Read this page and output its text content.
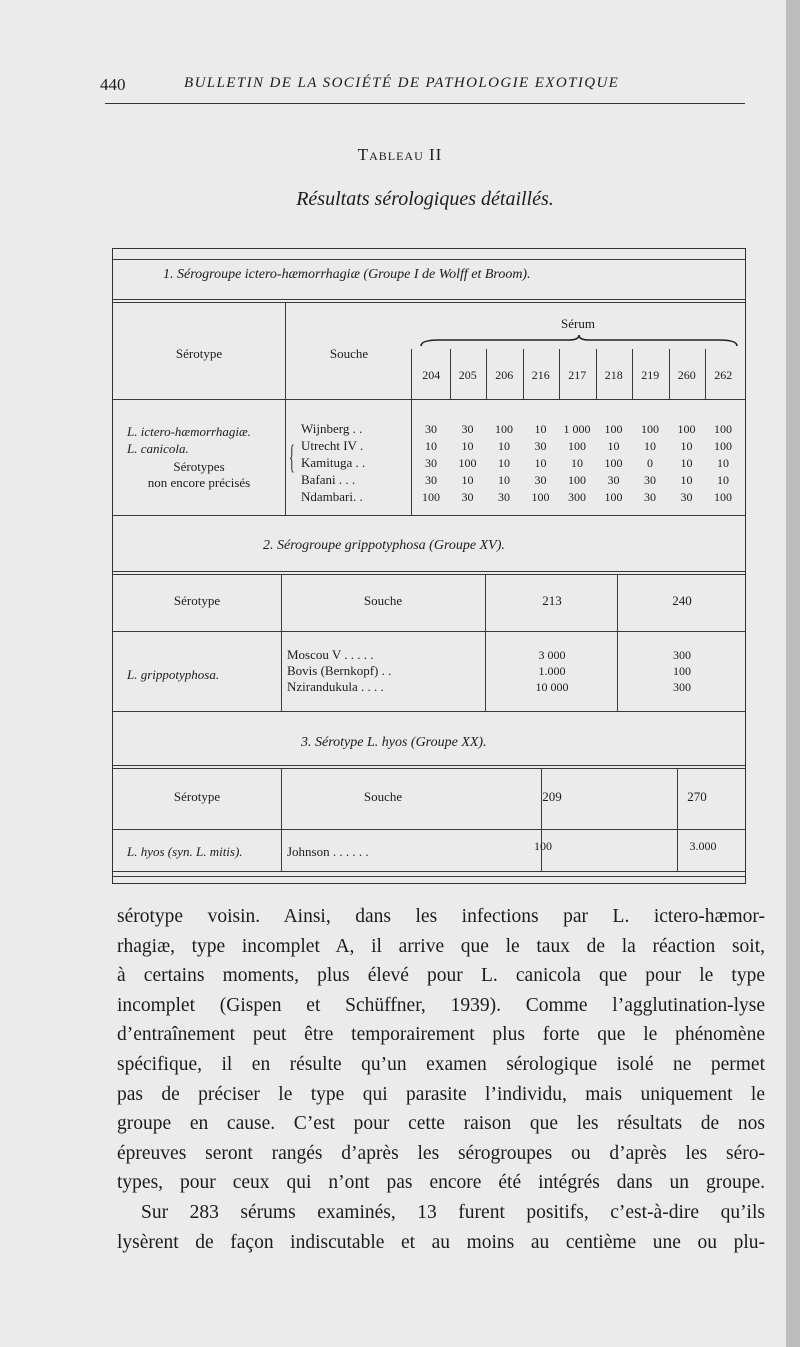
440	BULLETIN DE LA SOCIÉTÉ DE PATHOLOGIE EXOTIQUE
Tableau II
Résultats sérologiques détaillés.
1. Sérogroupe ictero-hæmorrhagiæ (Groupe I de Wolff et Broom).
Sérotype	Souche
Sérum
204	205	206	216	217	218	219	260	262
L. ictero-hæmorrhagiæ.
L. canicola.
Sérotypes
non encore précisés
{
Wijnberg . .	30	30	100	10	1 000	100	100	100	100
Utrecht IV .	10	10	10	30	100	10	10	10	100
Kamituga . .	30	100	10	10	10	100	0	10	10
Bafani . . .	30	10	10	30	100	30	30	10	10
Ndambari. .	100	30	30	100	300	100	30	30	100
2. Sérogroupe grippotyphosa (Groupe XV).
Sérotype	Souche	213	240
L. grippotyphosa.
Moscou V . . . . .	3 000	300
Bovis (Bernkopf) . .	1.000	100
Nzirandukula . . . .	10 000	300
3. Sérotype L. hyos (Groupe XX).
Sérotype	Souche	209	270
L. hyos (syn. L. mitis).	Johnson . . . . . .	100	3.000
sérotype voisin. Ainsi, dans les infections par L. ictero-hæmor-
rhagiæ, type incomplet A, il arrive que le taux de la réaction soit,
à certains moments, plus élevé pour L. canicola que pour le type
incomplet (Gispen et Schüffner, 1939). Comme l’agglutination-lyse
d’entraînement peut être temporairement plus forte que le phénomène
spécifique, il en résulte qu’un examen sérologique isolé ne permet
pas de préciser le type qui parasite l’individu, mais uniquement le
groupe en cause. C’est pour cette raison que les résultats de nos
épreuves seront rangés d’après les sérogroupes ou d’après les séro-
types, pour ceux qui n’ont pas encore été intégrés dans un groupe.
Sur 283 sérums examinés, 13 furent positifs, c’est-à-dire qu’ils
lysèrent de façon indiscutable et au moins au centième une ou plu-
